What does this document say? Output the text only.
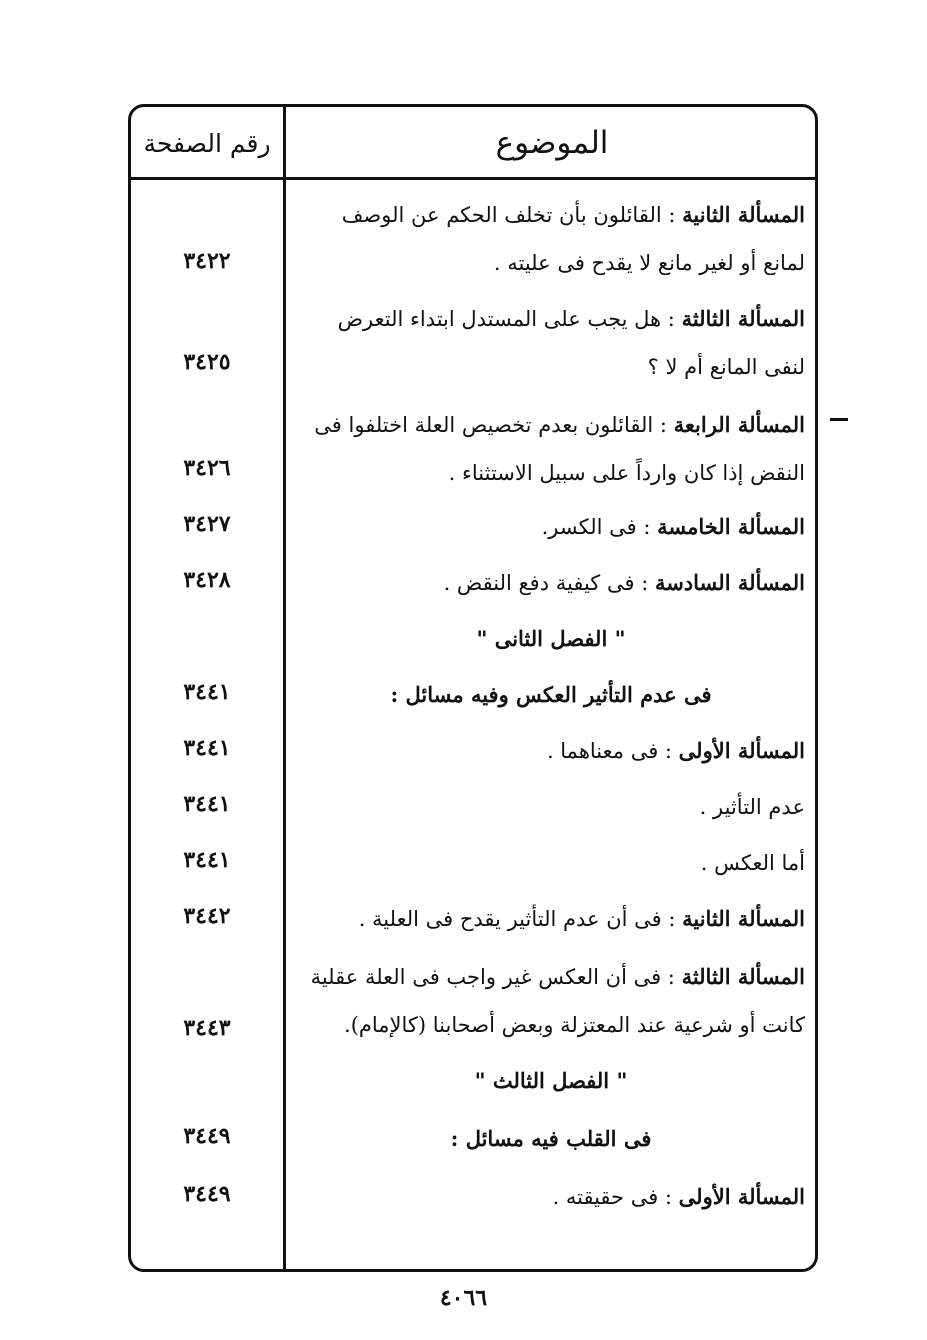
الموضوع
رقم الصفحة
المسألة الثانية : القائلون بأن تخلف الحكم عن الوصف
لمانع أو لغير مانع لا يقدح فى عليته .
٣٤٢٢
المسألة الثالثة : هل يجب على المستدل ابتداء التعرض
لنفى المانع أم لا ؟
٣٤٢٥
المسألة الرابعة : القائلون بعدم تخصيص العلة اختلفوا فى
النقض إذا كان وارداً على سبيل الاستثناء .
٣٤٢٦
المسألة الخامسة : فى الكسر.
٣٤٢٧
المسألة السادسة : فى كيفية دفع النقض .
٣٤٢٨
" الفصل الثانى "
فى عدم التأثير العكس وفيه مسائل :
٣٤٤١
المسألة الأولى : فى معناهما .
٣٤٤١
عدم التأثير .
٣٤٤١
أما العكس .
٣٤٤١
المسألة الثانية : فى أن عدم التأثير يقدح فى العلية .
٣٤٤٢
المسألة الثالثة : فى أن العكس غير واجب فى العلة عقلية
كانت أو شرعية عند المعتزلة وبعض أصحابنا (كالإمام).
٣٤٤٣
" الفصل الثالث "
فى القلب فيه مسائل :
٣٤٤٩
المسألة الأولى : فى حقيقته .
٣٤٤٩
٤٠٦٦
